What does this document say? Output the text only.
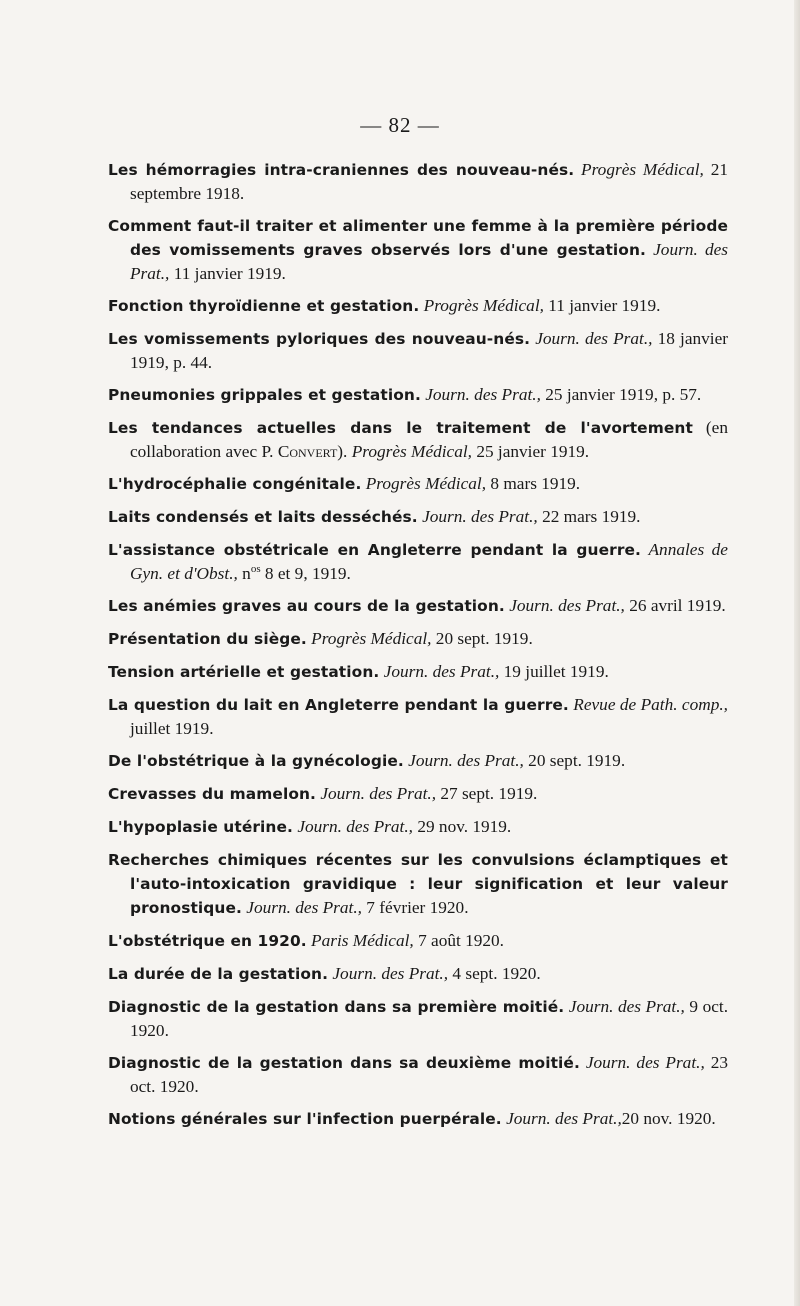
— 82 —

Les hémorragies intra-craniennes des nouveau-nés. Progrès Médical, 21 septembre 1918.

Comment faut-il traiter et alimenter une femme à la première période des vomissements graves observés lors d'une gestation. Journ. des Prat., 11 janvier 1919.

Fonction thyroïdienne et gestation. Progrès Médical, 11 janvier 1919.

Les vomissements pyloriques des nouveau-nés. Journ. des Prat., 18 janvier 1919, p. 44.

Pneumonies grippales et gestation. Journ. des Prat., 25 janvier 1919, p. 57.

Les tendances actuelles dans le traitement de l'avortement (en collaboration avec P. Convert). Progrès Médical, 25 janvier 1919.

L'hydrocéphalie congénitale. Progrès Médical, 8 mars 1919.

Laits condensés et laits desséchés. Journ. des Prat., 22 mars 1919.

L'assistance obstétricale en Angleterre pendant la guerre. Annales de Gyn. et d'Obst., $n^{os}$ 8 et 9, 1919.

Les anémies graves au cours de la gestation. Journ. des Prat., 26 avril 1919.

Présentation du siège. Progrès Médical, 20 sept. 1919.

Tension artérielle et gestation. Journ. des Prat., 19 juillet 1919.

La question du lait en Angleterre pendant la guerre. Revue de Path. comp., juillet 1919.

De l'obstétrique à la gynécologie. Journ. des Prat., 20 sept. 1919.

Crevasses du mamelon. Journ. des Prat., 27 sept. 1919.

L'hypoplasie utérine. Journ. des Prat., 29 nov. 1919.

Recherches chimiques récentes sur les convulsions éclamptiques et l'auto-intoxication gravidique : leur signification et leur valeur pronostique. Journ. des Prat., 7 février 1920.

L'obstétrique en 1920. Paris Médical, 7 août 1920.

La durée de la gestation. Journ. des Prat., 4 sept. 1920.

Diagnostic de la gestation dans sa première moitié. Journ. des Prat., 9 oct. 1920.

Diagnostic de la gestation dans sa deuxième moitié. Journ. des Prat., 23 oct. 1920.

Notions générales sur l'infection puerpérale. Journ. des Prat.,20 nov. 1920.
